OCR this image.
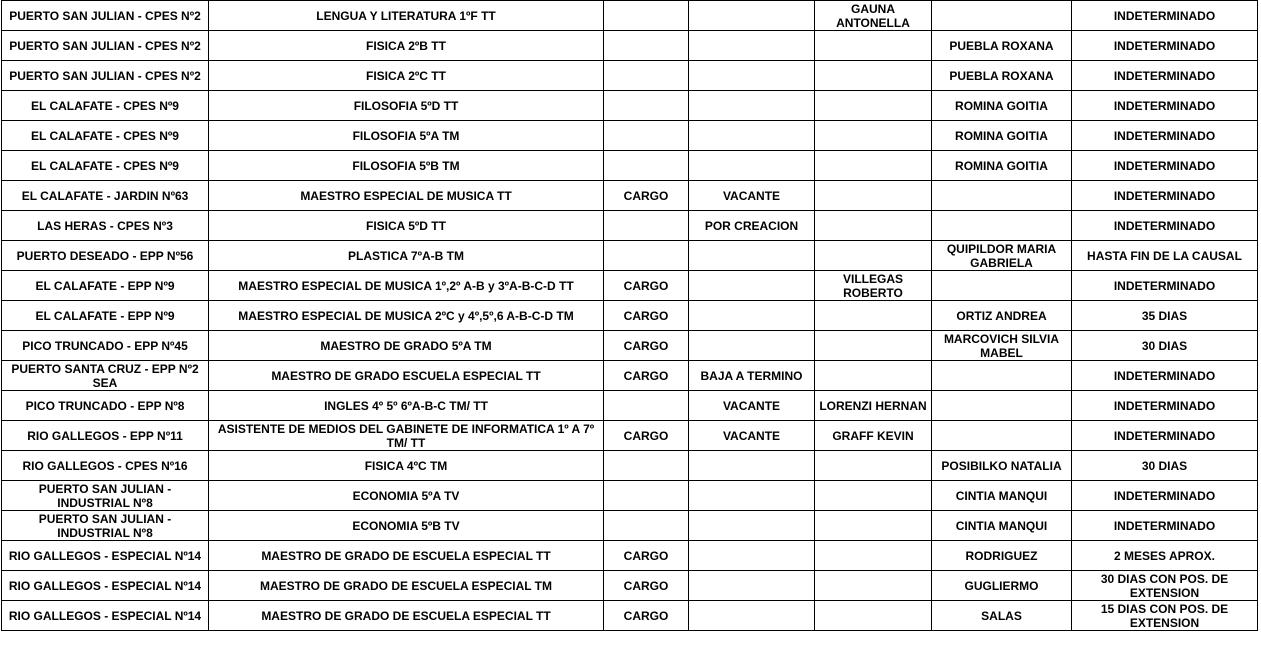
PUERTO SAN JULIAN - CPES Nº2	LENGUA Y LITERATURA 1ºF TT			GAUNA ANTONELLA		INDETERMINADO
PUERTO SAN JULIAN - CPES Nº2	FISICA 2ºB TT				PUEBLA ROXANA	INDETERMINADO
PUERTO SAN JULIAN - CPES Nº2	FISICA 2ºC TT				PUEBLA ROXANA	INDETERMINADO
EL CALAFATE - CPES Nº9	FILOSOFIA 5ºD TT				ROMINA GOITIA	INDETERMINADO
EL CALAFATE - CPES Nº9	FILOSOFIA 5ºA TM				ROMINA GOITIA	INDETERMINADO
EL CALAFATE - CPES Nº9	FILOSOFIA 5ºB TM				ROMINA GOITIA	INDETERMINADO
EL CALAFATE - JARDIN Nº63	MAESTRO ESPECIAL DE MUSICA TT	CARGO	VACANTE			INDETERMINADO
LAS HERAS - CPES Nº3	FISICA 5ºD TT		POR CREACION			INDETERMINADO
PUERTO DESEADO - EPP Nº56	PLASTICA 7ºA-B TM				QUIPILDOR MARIA GABRIELA	HASTA FIN DE LA CAUSAL
EL CALAFATE - EPP Nº9	MAESTRO ESPECIAL DE MUSICA 1º,2º A-B y 3ºA-B-C-D TT	CARGO		VILLEGAS ROBERTO		INDETERMINADO
EL CALAFATE - EPP Nº9	MAESTRO ESPECIAL DE MUSICA 2ºC y 4º,5º,6 A-B-C-D TM	CARGO			ORTIZ ANDREA	35 DIAS
PICO TRUNCADO - EPP Nº45	MAESTRO DE GRADO 5ºA TM	CARGO			MARCOVICH SILVIA MABEL	30 DIAS
PUERTO SANTA CRUZ - EPP Nº2 SEA	MAESTRO DE GRADO ESCUELA ESPECIAL TT	CARGO	BAJA A TERMINO			INDETERMINADO
PICO TRUNCADO - EPP Nº8	INGLES 4º 5º 6ºA-B-C TM/ TT		VACANTE	LORENZI HERNAN		INDETERMINADO
RIO GALLEGOS - EPP Nº11	ASISTENTE DE MEDIOS DEL GABINETE DE INFORMATICA 1º A 7º TM/ TT	CARGO	VACANTE	GRAFF KEVIN		INDETERMINADO
RIO GALLEGOS - CPES Nº16	FISICA 4ºC TM				POSIBILKO NATALIA	30 DIAS
PUERTO SAN JULIAN - INDUSTRIAL Nº8	ECONOMIA 5ºA TV				CINTIA MANQUI	INDETERMINADO
PUERTO SAN JULIAN - INDUSTRIAL Nº8	ECONOMIA 5ºB TV				CINTIA MANQUI	INDETERMINADO
RIO GALLEGOS - ESPECIAL Nº14	MAESTRO DE GRADO DE ESCUELA ESPECIAL TT	CARGO			RODRIGUEZ	2 MESES APROX.
RIO GALLEGOS - ESPECIAL Nº14	MAESTRO DE GRADO DE ESCUELA ESPECIAL TM	CARGO			GUGLIERMO	30 DIAS CON POS. DE EXTENSION
RIO GALLEGOS - ESPECIAL Nº14	MAESTRO DE GRADO DE ESCUELA ESPECIAL TT	CARGO			SALAS	15 DIAS CON POS. DE EXTENSION
